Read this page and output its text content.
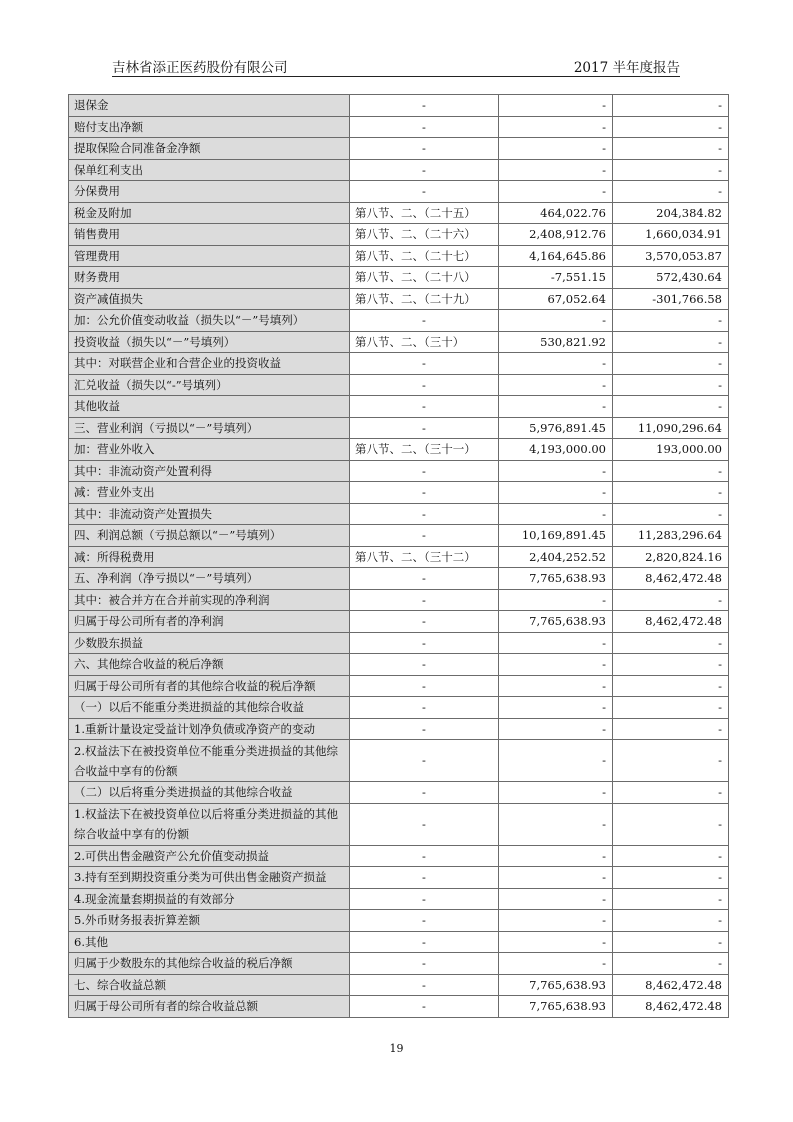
吉林省添正医药股份有限公司	2017 半年度报告
退保金	-	-	-
赔付支出净额	-	-	-
提取保险合同准备金净额	-	-	-
保单红利支出	-	-	-
分保费用	-	-	-
税金及附加	第八节、二、（二十五）	464,022.76	204,384.82
销售费用	第八节、二、（二十六）	2,408,912.76	1,660,034.91
管理费用	第八节、二、（二十七）	4,164,645.86	3,570,053.87
财务费用	第八节、二、（二十八）	-7,551.15	572,430.64
资产减值损失	第八节、二、（二十九）	67,052.64	-301,766.58
加：公允价值变动收益（损失以“－”号填列）	-	-	-
投资收益（损失以“－”号填列）	第八节、二、（三十）	530,821.92	-
其中：对联营企业和合营企业的投资收益	-	-	-
汇兑收益（损失以“-”号填列）	-	-	-
其他收益	-	-	-
三、营业利润（亏损以“－”号填列）	-	5,976,891.45	11,090,296.64
加：营业外收入	第八节、二、（三十一）	4,193,000.00	193,000.00
其中：非流动资产处置利得	-	-	-
减：营业外支出	-	-	-
其中：非流动资产处置损失	-	-	-
四、利润总额（亏损总额以“－”号填列）	-	10,169,891.45	11,283,296.64
减：所得税费用	第八节、二、（三十二）	2,404,252.52	2,820,824.16
五、净利润（净亏损以“－”号填列）	-	7,765,638.93	8,462,472.48
其中：被合并方在合并前实现的净利润	-	-	-
归属于母公司所有者的净利润	-	7,765,638.93	8,462,472.48
少数股东损益	-	-	-
六、其他综合收益的税后净额	-	-	-
归属于母公司所有者的其他综合收益的税后净额	-	-	-
（一）以后不能重分类进损益的其他综合收益	-	-	-
1.重新计量设定受益计划净负债或净资产的变动	-	-	-
2.权益法下在被投资单位不能重分类进损益的其他综合收益中享有的份额	-	-	-
（二）以后将重分类进损益的其他综合收益	-	-	-
1.权益法下在被投资单位以后将重分类进损益的其他综合收益中享有的份额	-	-	-
2.可供出售金融资产公允价值变动损益	-	-	-
3.持有至到期投资重分类为可供出售金融资产损益	-	-	-
4.现金流量套期损益的有效部分	-	-	-
5.外币财务报表折算差额	-	-	-
6.其他	-	-	-
归属于少数股东的其他综合收益的税后净额	-	-	-
七、综合收益总额	-	7,765,638.93	8,462,472.48
归属于母公司所有者的综合收益总额	-	7,765,638.93	8,462,472.48
19
